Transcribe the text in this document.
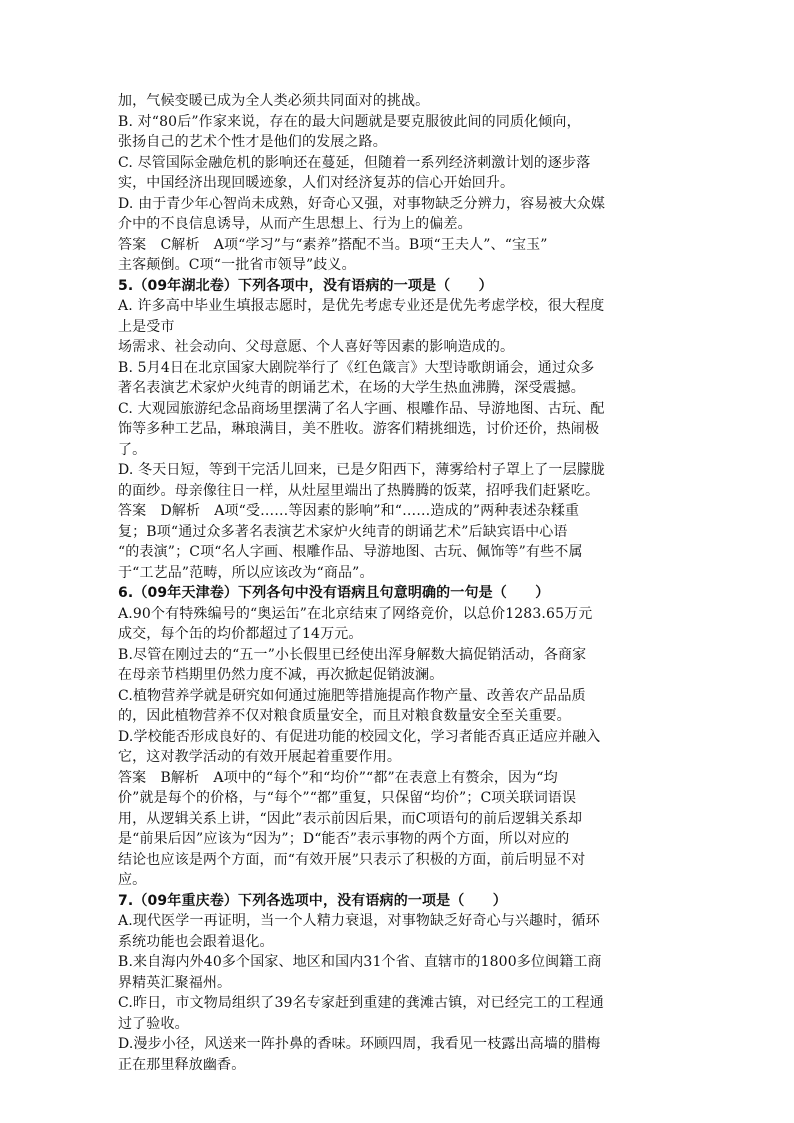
加，气候变暖已成为全人类必须共同面对的挑战。
B. 对“80后”作家来说，存在的最大问题就是要克服彼此间的同质化倾向，
张扬自己的艺术个性才是他们的发展之路。
C. 尽管国际金融危机的影响还在蔓延，但随着一系列经济刺激计划的逐步落
实，中国经济出现回暖迹象，人们对经济复苏的信心开始回升。
D. 由于青少年心智尚未成熟，好奇心又强，对事物缺乏分辨力，容易被大众媒
介中的不良信息诱导，从而产生思想上、行为上的偏差。
答案　C解析　A项“学习”与“素养”搭配不当。B项“王夫人”、“宝玉”
主客颠倒。C项“一批省市领导”歧义。
5.（09年湖北卷）下列各项中，没有语病的一项是（　　）
A. 许多高中毕业生填报志愿时，是优先考虑专业还是优先考虑学校，很大程度
上是受市
场需求、社会动向、父母意愿、个人喜好等因素的影响造成的。
B. 5月4日在北京国家大剧院举行了《红色箴言》大型诗歌朗诵会，通过众多
著名表演艺术家炉火纯青的朗诵艺术，在场的大学生热血沸腾，深受震撼。
C. 大观园旅游纪念品商场里摆满了名人字画、根雕作品、导游地图、古玩、配
饰等多种工艺品，琳琅满目，美不胜收。游客们精挑细选，讨价还价，热闹极
了。
D. 冬天日短，等到干完活儿回来，已是夕阳西下，薄雾给村子罩上了一层朦胧
的面纱。母亲像往日一样，从灶屋里端出了热腾腾的饭菜，招呼我们赶紧吃。
答案　D解析　A项“受……等因素的影响”和“……造成的”两种表述杂糅重
复；B项“通过众多著名表演艺术家炉火纯青的朗诵艺术”后缺宾语中心语
“的表演”；C项“名人字画、根雕作品、导游地图、古玩、佩饰等”有些不属
于“工艺品”范畴，所以应该改为“商品”。
6.（09年天津卷）下列各句中没有语病且句意明确的一句是（　　）
A.90个有特殊编号的“奥运缶”在北京结束了网络竞价，以总价1283.65万元
成交，每个缶的均价都超过了14万元。
B.尽管在刚过去的“五一”小长假里已经使出浑身解数大搞促销活动，各商家
在母亲节档期里仍然力度不减，再次掀起促销波澜。
C.植物营养学就是研究如何通过施肥等措施提高作物产量、改善农产品品质
的，因此植物营养不仅对粮食质量安全，而且对粮食数量安全至关重要。
D.学校能否形成良好的、有促进功能的校园文化，学习者能否真正适应并融入
它，这对教学活动的有效开展起着重要作用。
答案　B解析　A项中的“每个”和“均价”“都”在表意上有赘余，因为“均
价”就是每个的价格，与“每个”“都”重复，只保留“均价”；C项关联词语误
用，从逻辑关系上讲，“因此”表示前因后果，而C项语句的前后逻辑关系却
是“前果后因”应该为“因为”；D“能否”表示事物的两个方面，所以对应的
结论也应该是两个方面，而“有效开展”只表示了积极的方面，前后明显不对
应。
7.（09年重庆卷）下列各选项中，没有语病的一项是（　　）
A.现代医学一再证明，当一个人精力衰退，对事物缺乏好奇心与兴趣时，循环
系统功能也会跟着退化。
B.来自海内外40多个国家、地区和国内31个省、直辖市的1800多位闽籍工商
界精英汇聚福州。
C.昨日，市文物局组织了39名专家赶到重建的龚滩古镇，对已经完工的工程通
过了验收。
D.漫步小径，风送来一阵扑鼻的香味。环顾四周，我看见一枝露出高墙的腊梅
正在那里释放幽香。
